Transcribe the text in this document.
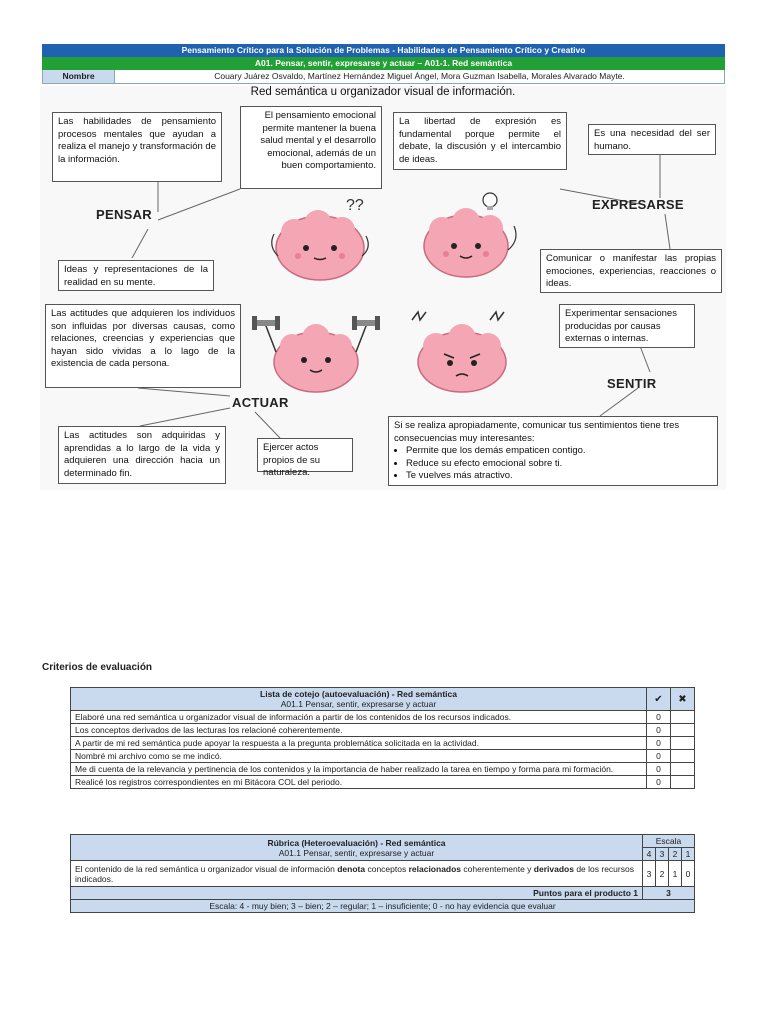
Pensamiento Crítico para la Solución de Problemas - Habilidades de Pensamiento Crítico y Creativo
A01. Pensar, sentir, expresarse y actuar – A01-1. Red semántica
Nombre	Couary Juárez Osvaldo, Martínez Hernández Miguel Ángel, Mora Guzman Isabella, Morales Alvarado Mayte.
Red semántica u organizador visual de información.
PENSAR
EXPRESARSE
ACTUAR
SENTIR
Las habilidades de pensamiento procesos mentales que ayudan a realiza el manejo y transformación de la información.
El pensamiento emocional permite mantener la buena salud mental y el desarrollo emocional, además de un buen comportamiento.
La libertad de expresión es fundamental porque permite el debate, la discusión y el intercambio de ideas.
Es una necesidad del ser humano.
Ideas y representaciones de la realidad en su mente.
Comunicar o manifestar las propias emociones, experiencias, reacciones o ideas.
Las actitudes que adquieren los individuos son influidas por diversas causas, como relaciones, creencias y experiencias que hayan sido vividas a lo lago de la existencia de cada persona.
Experimentar sensaciones producidas por causas externas o internas.
Las actitudes son adquiridas y aprendidas a lo largo de la vida y adquieren una dirección hacia un determinado fin.
Ejercer actos propios de su naturaleza.
Si se realiza apropiadamente, comunicar tus sentimientos tiene tres consecuencias muy interesantes:
• Permite que los demás empaticen contigo.
• Reduce su efecto emocional sobre ti.
• Te vuelves más atractivo.
??
Criterios de evaluación
Lista de cotejo (autoevaluación) - Red semántica
A01.1 Pensar, sentir, expresarse y actuar	✔	✖
Elaboré una red semántica u organizador visual de información a partir de los contenidos de los recursos indicados.	0	
Los conceptos derivados de las lecturas los relacioné coherentemente.	0	
A partir de mi red semántica pude apoyar la respuesta a la pregunta problemática solicitada en la actividad.	0	
Nombré mi archivo como se me indicó.	0	
Me di cuenta de la relevancia y pertinencia de los contenidos y la importancia de haber realizado la tarea en tiempo y forma para mi formación.	0	
Realicé los registros correspondientes en mi Bitácora COL del periodo.	0	
Rúbrica (Heteroevaluación) - Red semántica
A01.1 Pensar, sentir, expresarse y actuar	Escala			
	4	3	2	1
El contenido de la red semántica u organizador visual de información denota conceptos relacionados coherentemente y derivados de los recursos indicados.	3	2	1	0
Puntos para el producto 1	3			
Escala: 4 - muy bien; 3 – bien; 2 – regular; 1 – insuficiente; 0 - no hay evidencia que evaluar				
